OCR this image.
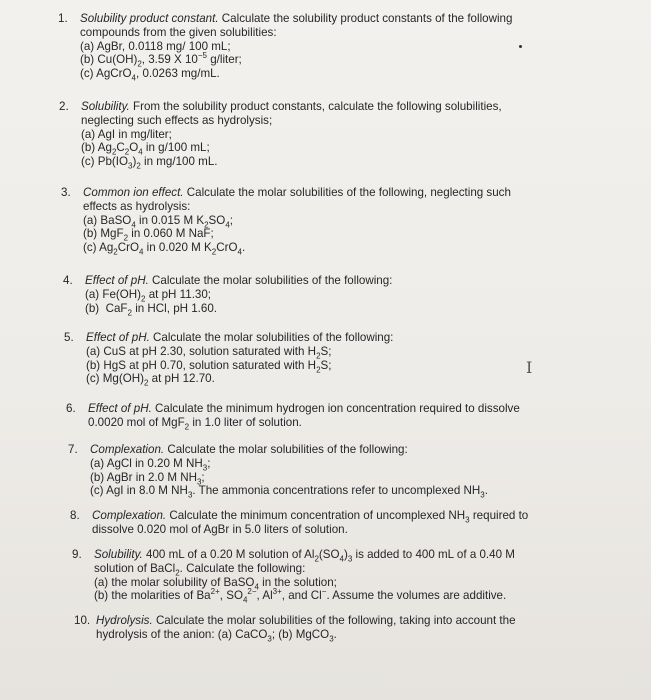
1. Solubility product constant. Calculate the solubility product constants of the following
compounds from the given solubilities:
(a) AgBr, 0.0118 mg/ 100 mL;
(b) $Cu(OH)_2$, 3.59 X $10^{-5}$ g/liter;
(c) AgCrO$_4$, 0.0263 mg/mL.
2. Solubility. From the solubility product constants, calculate the following solubilities,
neglecting such effects as hydrolysis;
(a) AgI in mg/liter;
(b) $Ag_2C_2O_4$ in g/100 mL;
(c) $Pb(IO_3)_2$ in mg/100 mL.
3. Common ion effect. Calculate the molar solubilities of the following, neglecting such
effects as hydrolysis:
(a) BaSO$_4$ in 0.015 M $K_2SO_4$;
(b) MgF$_2$ in 0.060 M NaF;
(c) $Ag_2CrO_4$ in 0.020 M $K_2CrO_4$.
4. Effect of pH. Calculate the molar solubilities of the following:
(a) $Fe(OH)_2$ at pH 11.30;
(b)  CaF$_2$ in HCl, pH 1.60.
5. Effect of pH. Calculate the molar solubilities of the following:
(a) CuS at pH 2.30, solution saturated with $H_2S$;
(b) HgS at pH 0.70, solution saturated with $H_2S$;
(c) $Mg(OH)_2$ at pH 12.70.
6. Effect of pH. Calculate the minimum hydrogen ion concentration required to dissolve
0.0020 mol of MgF$_2$ in 1.0 liter of solution.
7. Complexation. Calculate the molar solubilities of the following:
(a) AgCl in 0.20 M $NH_3$;
(b) AgBr in 2.0 M $NH_3$;
(c) AgI in 8.0 M $NH_3$. The ammonia concentrations refer to uncomplexed $NH_3$.
8. Complexation. Calculate the minimum concentration of uncomplexed $NH_3$ required to
dissolve 0.020 mol of AgBr in 5.0 liters of solution.
9. Solubility. 400 mL of a 0.20 M solution of $Al_2(SO_4)_3$ is added to 400 mL of a 0.40 M
solution of BaCl$_2$. Calculate the following:
(a) the molar solubility of BaSO$_4$ in the solution;
(b) the molarities of $Ba^{2+}$, $SO_4^{2-}$, $Al^{3+}$, and Cl−. Assume the volumes are additive.
10. Hydrolysis. Calculate the molar solubilities of the following, taking into account the
hydrolysis of the anion: (a) CaCO$_3$; (b) MgCO$_3$.
I
